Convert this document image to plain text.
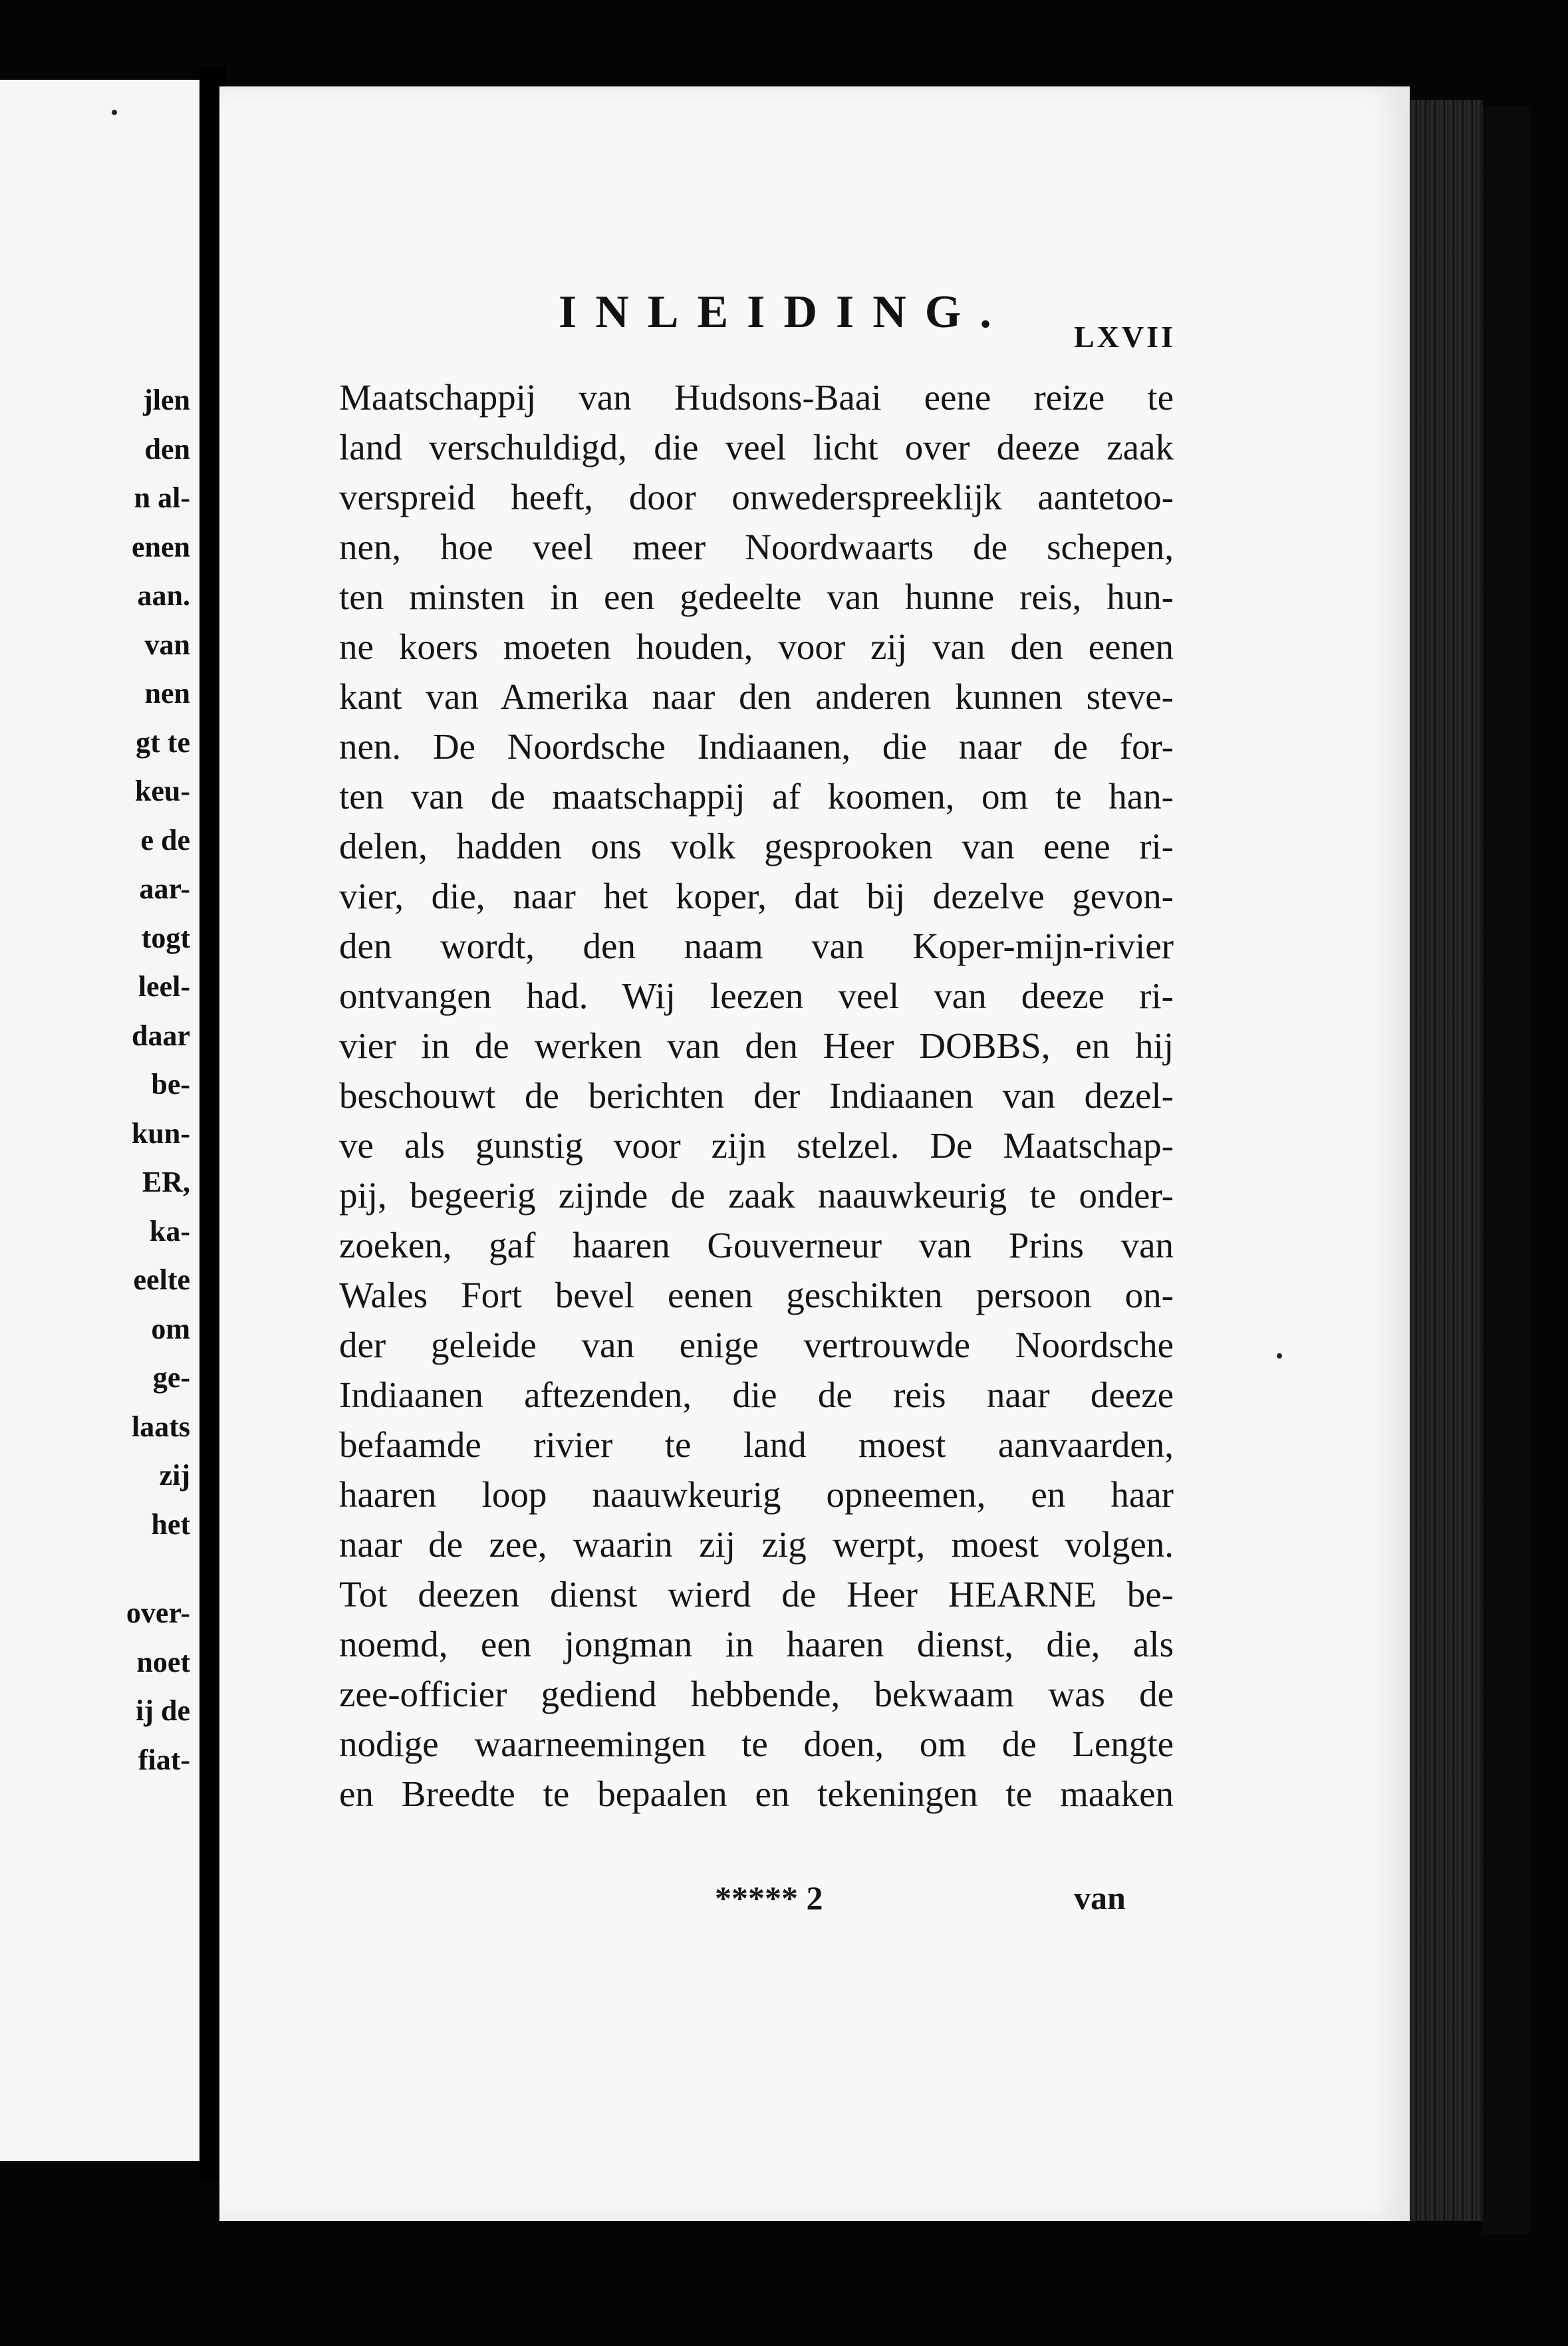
jlen
den
n al-
enen
aan.
van
nen
gt te
keu-
e de
aar-
togt
leel-
daar
be-
kun-
ER,
ka-
eelte
om
ge-
laats
zij
het
over-
noet
ij de
fiat-
INLEIDING. LXVII
Maatschappij van Hudsons-Baai eene reize te
land verschuldigd, die veel licht over deeze zaak
verspreid heeft, door onwederspreeklijk aantetoo-
nen, hoe veel meer Noordwaarts de schepen,
ten minsten in een gedeelte van hunne reis, hun-
ne koers moeten houden, voor zij van den eenen
kant van Amerika naar den anderen kunnen steve-
nen. De Noordsche Indiaanen, die naar de for-
ten van de maatschappij af koomen, om te han-
delen, hadden ons volk gesprooken van eene ri-
vier, die, naar het koper, dat bij dezelve gevon-
den wordt, den naam van Koper-mijn-rivier
ontvangen had. Wij leezen veel van deeze ri-
vier in de werken van den Heer DOBBS, en hij
beschouwt de berichten der Indiaanen van dezel-
ve als gunstig voor zijn stelzel. De Maatschap-
pij, begeerig zijnde de zaak naauwkeurig te onder-
zoeken, gaf haaren Gouverneur van Prins van
Wales Fort bevel eenen geschikten persoon on-
der geleide van enige vertrouwde Noordsche
Indiaanen aftezenden, die de reis naar deeze
befaamde rivier te land moest aanvaarden,
haaren loop naauwkeurig opneemen, en haar
naar de zee, waarin zij zig werpt, moest volgen.
Tot deezen dienst wierd de Heer HEARNE be-
noemd, een jongman in haaren dienst, die, als
zee-officier gediend hebbende, bekwaam was de
nodige waarneemingen te doen, om de Lengte
en Breedte te bepaalen en tekeningen te maaken
***** 2	van
